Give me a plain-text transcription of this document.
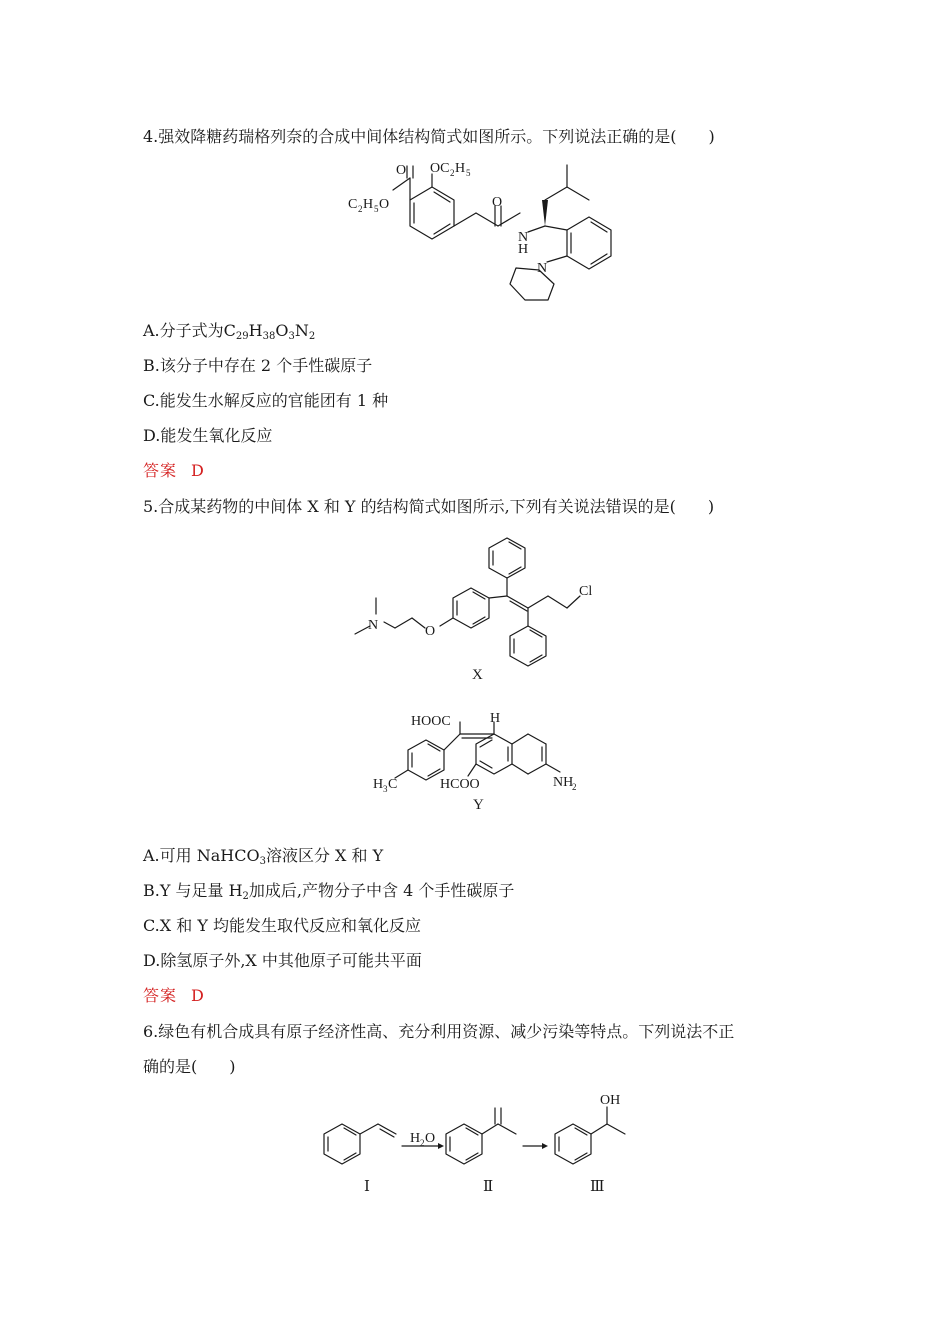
4.强效降糖药瑞格列奈的合成中间体结构简式如图所示。下列说法正确的是(　　)
O
C 2 H 5 O
OC 2 H 5
O
N
H
N
A.分子式为$C_{29}H_{38}O_3N_2$
B.该分子中存在 2 个手性碳原子
C.能发生水解反应的官能团有 1 种
D.能发生氧化反应
答案 D
5.合成某药物的中间体 X 和 Y 的结构简式如图所示,下列有关说法错误的是(　　)
N	O
Cl
X
HOOC	H
H 3 C	HCOO	NH
2
Y
A.可用 NaHCO$_3$溶液区分 X 和 Y
B.Y 与足量 $H_2$加成后,产物分子中含 4 个手性碳原子
C.X 和 Y 均能发生取代反应和氧化反应
D.除氢原子外,X 中其他原子可能共平面
答案 D
6.绿色有机合成具有原子经济性高、充分利用资源、减少污染等特点。下列说法不正
确的是(　　)
H 2 O
OH
Ⅰ	Ⅱ	Ⅲ
